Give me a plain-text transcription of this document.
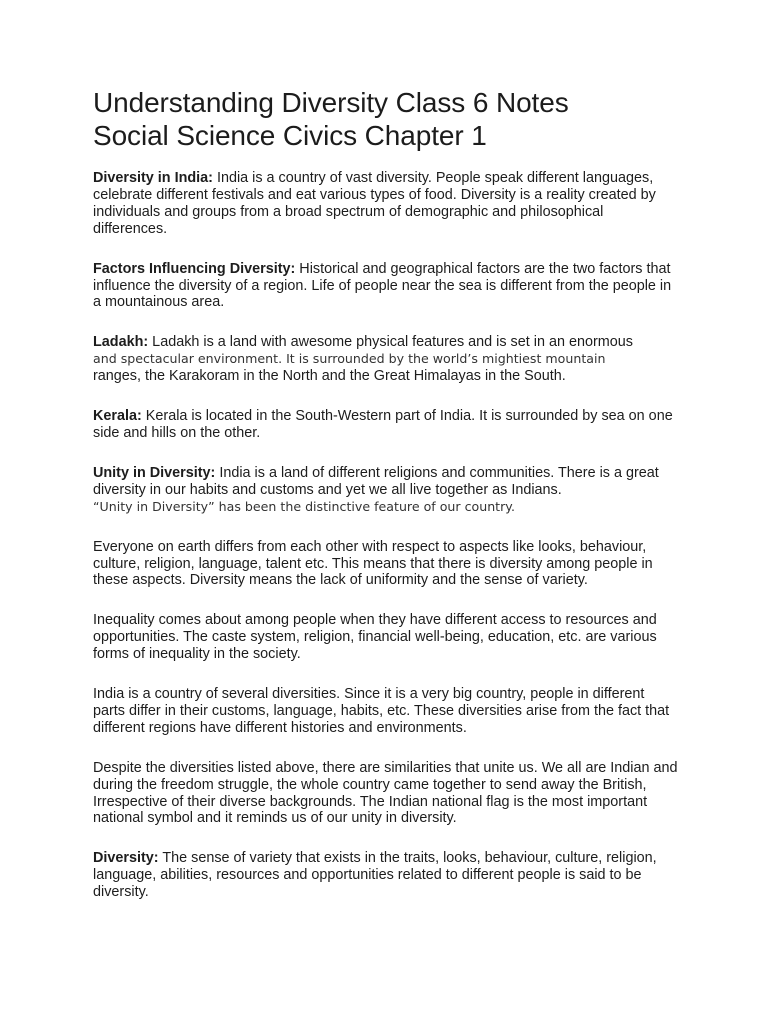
Understanding Diversity Class 6 Notes
Social Science Civics Chapter 1

Diversity in India: India is a country of vast diversity. People speak different languages, celebrate different festivals and eat various types of food. Diversity is a reality created by individuals and groups from a broad spectrum of demographic and philosophical differences.

Factors Influencing Diversity: Historical and geographical factors are the two factors that influence the diversity of a region. Life of people near the sea is different from the people in a mountainous area.

Ladakh: Ladakh is a land with awesome physical features and is set in an enormous
and spectacular environment. It is surrounded by the world’s mightiest mountain
ranges, the Karakoram in the North and the Great Himalayas in the South.

Kerala: Kerala is located in the South-Western part of India. It is surrounded by sea on one side and hills on the other.

Unity in Diversity: India is a land of different religions and communities. There is a great diversity in our habits and customs and yet we all live together as Indians.
“Unity in Diversity” has been the distinctive feature of our country.

Everyone on earth differs from each other with respect to aspects like looks, behaviour, culture, religion, language, talent etc. This means that there is diversity among people in these aspects. Diversity means the lack of uniformity and the sense of variety.

Inequality comes about among people when they have different access to resources and opportunities. The caste system, religion, financial well-being, education, etc. are various forms of inequality in the society.

India is a country of several diversities. Since it is a very big country, people in different parts differ in their customs, language, habits, etc. These diversities arise from the fact that different regions have different histories and environments.

Despite the diversities listed above, there are similarities that unite us. We all are Indian and during the freedom struggle, the whole country came together to send away the British, Irrespective of their diverse backgrounds. The Indian national flag is the most important national symbol and it reminds us of our unity in diversity.

Diversity: The sense of variety that exists in the traits, looks, behaviour, culture, religion, language, abilities, resources and opportunities related to different people is said to be diversity.
